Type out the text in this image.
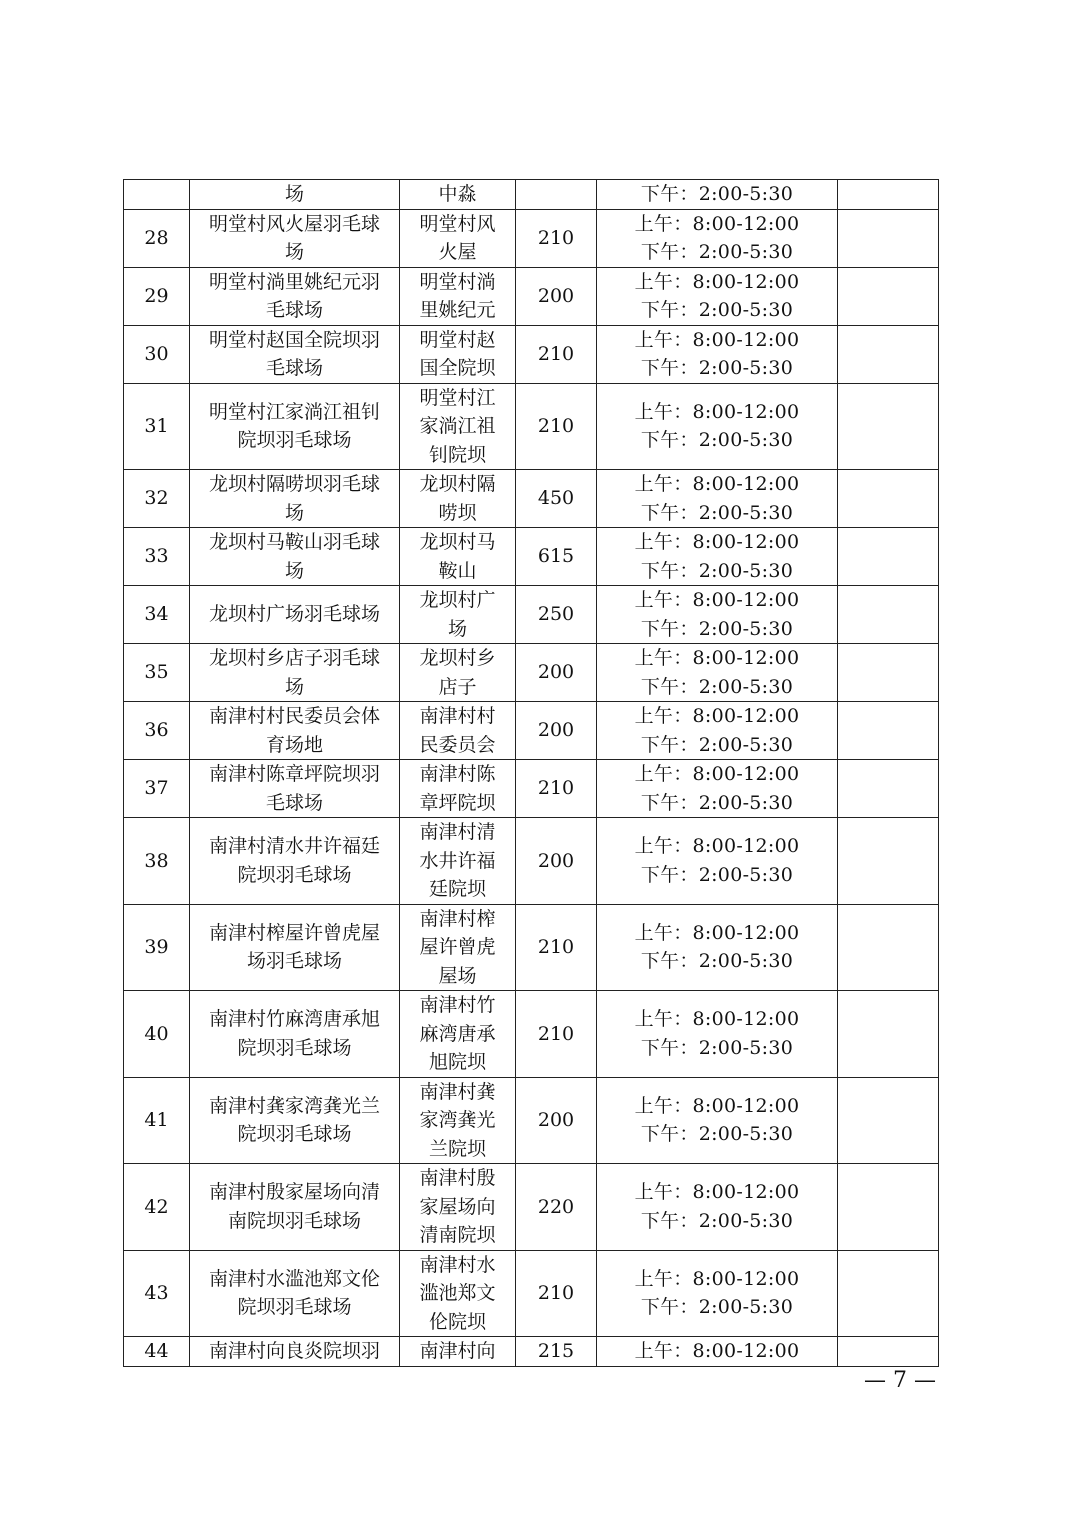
	场	中淼		下午：2:00-5:30	

28	明堂村风火屋羽毛球
场	明堂村风
火屋	210	上午：8:00-12:00
下午：2:00-5:30	

29	明堂村淌里姚纪元羽
毛球场	明堂村淌
里姚纪元	200	上午：8:00-12:00
下午：2:00-5:30	

30	明堂村赵国全院坝羽
毛球场	明堂村赵
国全院坝	210	上午：8:00-12:00
下午：2:00-5:30	

31	明堂村江家淌江祖钊
院坝羽毛球场	明堂村江
家淌江祖
钊院坝	210	上午：8:00-12:00
下午：2:00-5:30	

32	龙坝村隔唠坝羽毛球
场	龙坝村隔
唠坝	450	上午：8:00-12:00
下午：2:00-5:30	

33	龙坝村马鞍山羽毛球
场	龙坝村马
鞍山	615	上午：8:00-12:00
下午：2:00-5:30	

34	龙坝村广场羽毛球场	龙坝村广
场	250	上午：8:00-12:00
下午：2:00-5:30	

35	龙坝村乡店子羽毛球
场	龙坝村乡
店子	200	上午：8:00-12:00
下午：2:00-5:30	

36	南津村村民委员会体
育场地	南津村村
民委员会	200	上午：8:00-12:00
下午：2:00-5:30	

37	南津村陈章坪院坝羽
毛球场	南津村陈
章坪院坝	210	上午：8:00-12:00
下午：2:00-5:30	

38	南津村清水井许福廷
院坝羽毛球场	南津村清
水井许福
廷院坝	200	上午：8:00-12:00
下午：2:00-5:30	

39	南津村榨屋许曾虎屋
场羽毛球场	南津村榨
屋许曾虎
屋场	210	上午：8:00-12:00
下午：2:00-5:30	

40	南津村竹麻湾唐承旭
院坝羽毛球场	南津村竹
麻湾唐承
旭院坝	210	上午：8:00-12:00
下午：2:00-5:30	

41	南津村龚家湾龚光兰
院坝羽毛球场	南津村龚
家湾龚光
兰院坝	200	上午：8:00-12:00
下午：2:00-5:30	

42	南津村殷家屋场向清
南院坝羽毛球场	南津村殷
家屋场向
清南院坝	220	上午：8:00-12:00
下午：2:00-5:30	

43	南津村水滥池郑文伦
院坝羽毛球场	南津村水
滥池郑文
伦院坝	210	上午：8:00-12:00
下午：2:00-5:30	

44	南津村向良炎院坝羽	南津村向	215	上午：8:00-12:00	

— 7 —
